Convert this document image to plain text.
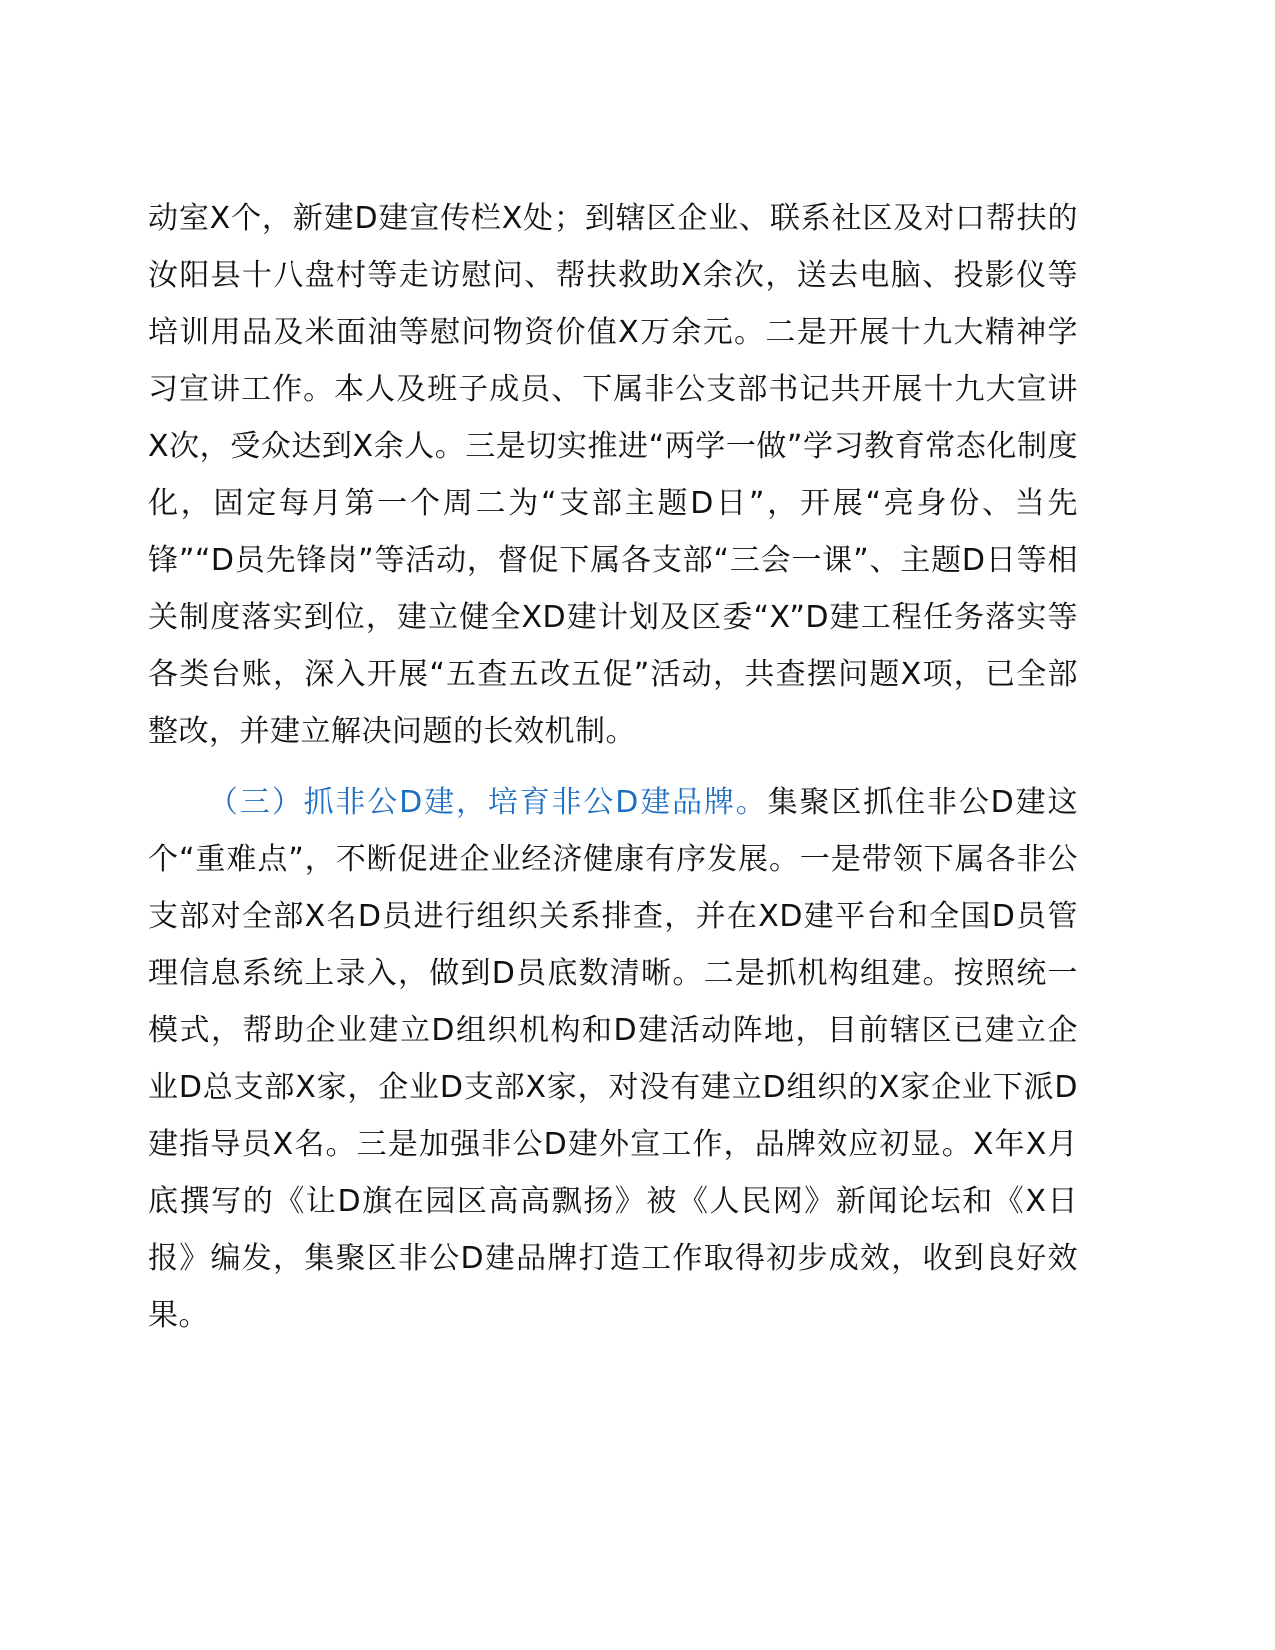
动室X个，新建D建宣传栏X处；到辖区企业、联系社区及对口帮扶的汝阳县十八盘村等走访慰问、帮扶救助X余次，送去电脑、投影仪等培训用品及米面油等慰问物资价值X万余元。二是开展十九大精神学习宣讲工作。本人及班子成员、下属非公支部书记共开展十九大宣讲X次，受众达到X余人。三是切实推进“两学一做”学习教育常态化制度化，固定每月第一个周二为“支部主题D日”，开展“亮身份、当先锋”“D员先锋岗”等活动，督促下属各支部“三会一课”、主题D日等相关制度落实到位，建立健全XD建计划及区委“X”D建工程任务落实等各类台账，深入开展“五查五改五促”活动，共查摆问题X项，已全部整改，并建立解决问题的长效机制。

（三）抓非公D建，培育非公D建品牌。集聚区抓住非公D建这个“重难点”，不断促进企业经济健康有序发展。一是带领下属各非公支部对全部X名D员进行组织关系排查，并在XD建平台和全国D员管理信息系统上录入，做到D员底数清晰。二是抓机构组建。按照统一模式，帮助企业建立D组织机构和D建活动阵地，目前辖区已建立企业D总支部X家，企业D支部X家，对没有建立D组织的X家企业下派D建指导员X名。三是加强非公D建外宣工作，品牌效应初显。X年X月底撰写的《让D旗在园区高高飘扬》被《人民网》新闻论坛和《X日报》编发，集聚区非公D建品牌打造工作取得初步成效，收到良好效果。
